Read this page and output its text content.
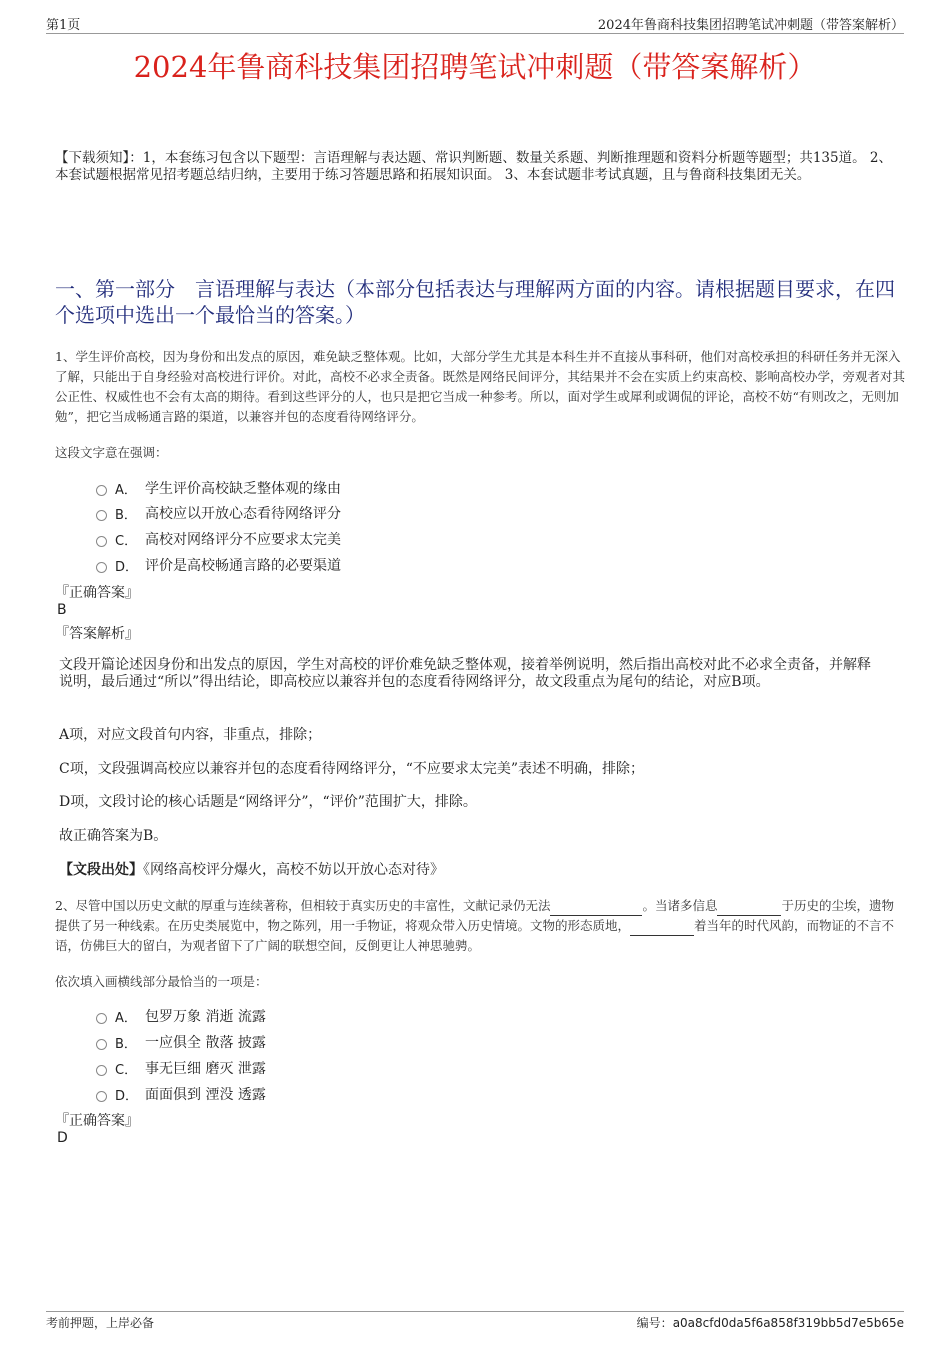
第1页	2024年鲁商科技集团招聘笔试冲刺题（带答案解析）
2024年鲁商科技集团招聘笔试冲刺题（带答案解析）
【下载须知】：1，本套练习包含以下题型：言语理解与表达题、常识判断题、数量关系题、判断推理题和资料分析题等题型；共135道。 2、本套试题根据常见招考题总结归纳，主要用于练习答题思路和拓展知识面。 3、本套试题非考试真题，且与鲁商科技集团无关。
一、第一部分　言语理解与表达（本部分包括表达与理解两方面的内容。请根据题目要求，在四个选项中选出一个最恰当的答案。）
1、学生评价高校，因为身份和出发点的原因，难免缺乏整体观。比如，大部分学生尤其是本科生并不直接从事科研，他们对高校承担的科研任务并无深入了解，只能出于自身经验对高校进行评价。对此，高校不必求全责备。既然是网络民间评分，其结果并不会在实质上约束高校、影响高校办学，旁观者对其公正性、权威性也不会有太高的期待。看到这些评分的人，也只是把它当成一种参考。所以，面对学生或犀利或调侃的评论，高校不妨“有则改之，无则加勉”，把它当成畅通言路的渠道，以兼容并包的态度看待网络评分。
这段文字意在强调：
A． 学生评价高校缺乏整体观的缘由
B． 高校应以开放心态看待网络评分
C． 高校对网络评分不应要求太完美
D． 评价是高校畅通言路的必要渠道
『正确答案』
B
『答案解析』
文段开篇论述因身份和出发点的原因，学生对高校的评价难免缺乏整体观，接着举例说明，然后指出高校对此不必求全责备，并解释说明，最后通过“所以”得出结论，即高校应以兼容并包的态度看待网络评分，故文段重点为尾句的结论，对应B项。
A项，对应文段首句内容，非重点，排除；
C项，文段强调高校应以兼容并包的态度看待网络评分，“不应要求太完美”表述不明确，排除；
D项，文段讨论的核心话题是“网络评分”，“评价”范围扩大，排除。
故正确答案为B。
【文段出处】《网络高校评分爆火，高校不妨以开放心态对待》
2、尽管中国以历史文献的厚重与连续著称，但相较于真实历史的丰富性，文献记录仍无法	。当诸多信息	于历史的尘埃，遗物提供了另一种线索。在历史类展览中，物之陈列，用一手物证，将观众带入历史情境。文物的形态质地，	着当年的时代风韵，而物证的不言不语，仿佛巨大的留白，为观者留下了广阔的联想空间，反倒更让人神思驰骋。
依次填入画横线部分最恰当的一项是：
A． 包罗万象 消逝 流露
B． 一应俱全 散落 披露
C． 事无巨细 磨灭 泄露
D． 面面俱到 湮没 透露
『正确答案』
D
考前押题，上岸必备	编号：a0a8cfd0da5f6a858f319bb5d7e5b65e
